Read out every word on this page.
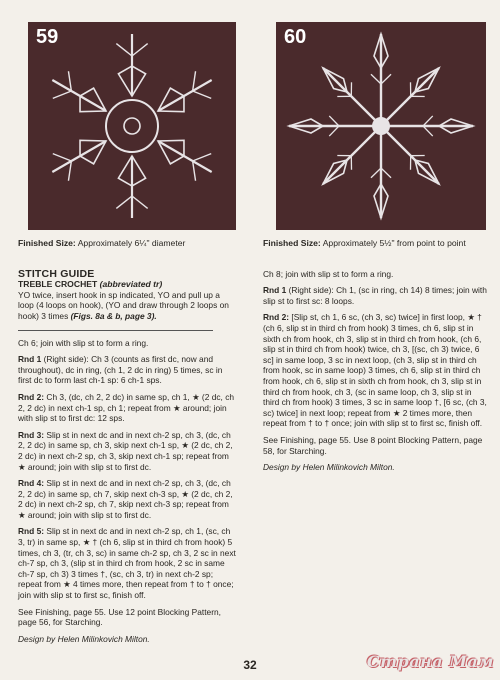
59	60
Finished Size: Approximately 6¼" diameter
STITCH GUIDE
TREBLE CROCHET (abbreviated tr)
YO twice, insert hook in sp indicated, YO and pull up a loop (4 loops on hook), (YO and draw through 2 loops on hook) 3 times (Figs. 8a & b, page 3).
Ch 6; join with slip st to form a ring.
Rnd 1 (Right side): Ch 3 (counts as first dc, now and throughout), dc in ring, (ch 1, 2 dc in ring) 5 times, sc in first dc to form last ch-1 sp: 6 ch-1 sps.
Rnd 2: Ch 3, (dc, ch 2, 2 dc) in same sp, ch 1, ★ (2 dc, ch 2, 2 dc) in next ch-1 sp, ch 1; repeat from ★ around; join with slip st to first dc: 12 sps.
Rnd 3: Slip st in next dc and in next ch-2 sp, ch 3, (dc, ch 2, 2 dc) in same sp, ch 3, skip next ch-1 sp, ★ (2 dc, ch 2, 2 dc) in next ch-2 sp, ch 3, skip next ch-1 sp; repeat from ★ around; join with slip st to first dc.
Rnd 4: Slip st in next dc and in next ch-2 sp, ch 3, (dc, ch 2, 2 dc) in same sp, ch 7, skip next ch-3 sp, ★ (2 dc, ch 2, 2 dc) in next ch-2 sp, ch 7, skip next ch-3 sp; repeat from ★ around; join with slip st to first dc.
Rnd 5: Slip st in next dc and in next ch-2 sp, ch 1, (sc, ch 3, tr) in same sp, ★ † (ch 6, slip st in third ch from hook) 5 times, ch 3, (tr, ch 3, sc) in same ch-2 sp, ch 3, 2 sc in next ch-7 sp, ch 3, (slip st in third ch from hook, 2 sc in same ch-7 sp, ch 3) 3 times †, (sc, ch 3, tr) in next ch-2 sp; repeat from ★ 4 times more, then repeat from † to † once; join with slip st to first sc, finish off.
See Finishing, page 55. Use 12 point Blocking Pattern, page 56, for Starching.
Design by Helen Milinkovich Milton.
Finished Size: Approximately 5½" from point to point
Ch 8; join with slip st to form a ring.
Rnd 1 (Right side): Ch 1, (sc in ring, ch 14) 8 times; join with slip st to first sc: 8 loops.
Rnd 2: [Slip st, ch 1, 6 sc, (ch 3, sc) twice] in first loop, ★ † (ch 6, slip st in third ch from hook) 3 times, ch 6, slip st in sixth ch from hook, ch 3, slip st in third ch from hook, (ch 6, slip st in third ch from hook) twice, ch 3, [(sc, ch 3) twice, 6 sc] in same loop, 3 sc in next loop, (ch 3, slip st in third ch from hook, sc in same loop) 3 times, ch 6, slip st in third ch from hook, ch 6, slip st in sixth ch from hook, ch 3, slip st in third ch from hook, ch 3, (sc in same loop, ch 3, slip st in third ch from hook) 3 times, 3 sc in same loop †, [6 sc, (ch 3, sc) twice] in next loop; repeat from ★ 2 times more, then repeat from † to † once; join with slip st to first sc, finish off.
See Finishing, page 55. Use 8 point Blocking Pattern, page 58, for Starching.
Design by Helen Milinkovich Milton.
32	Страна Мам
